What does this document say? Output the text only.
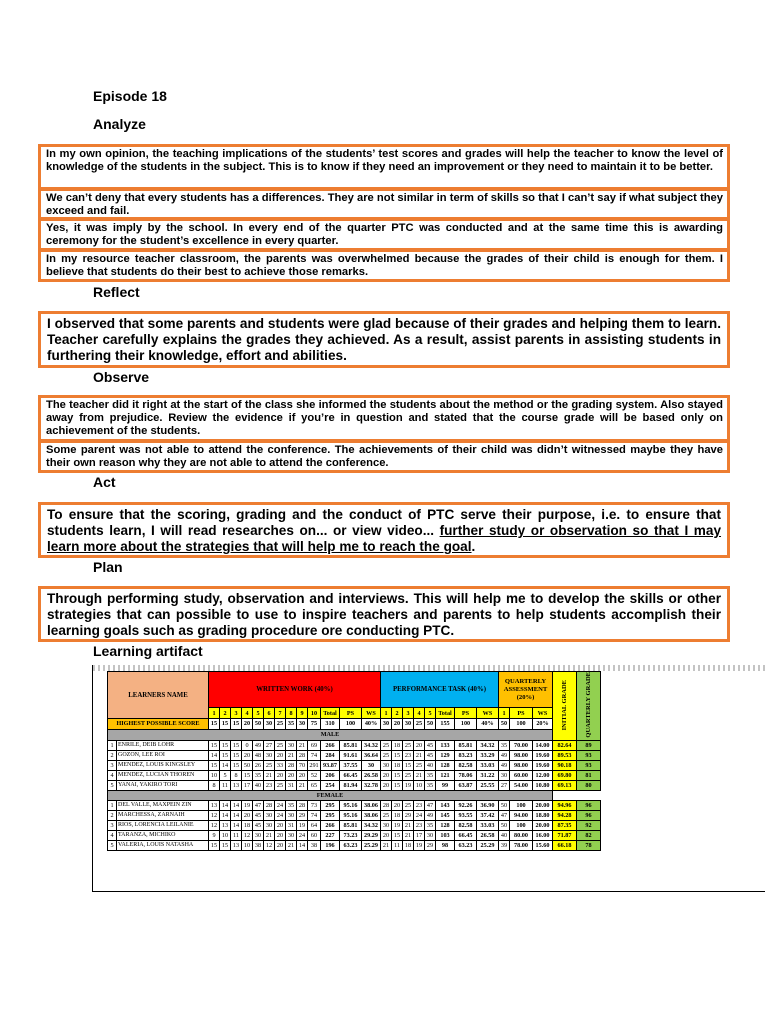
Episode 18
Analyze

In my own opinion, the teaching implications of the students’ test scores and grades will help the teacher to know the level of knowledge of the students in the subject. This is to know if they need an improvement or they need to maintain it to be better.

We can’t deny that every students has a differences. They are not similar in term of skills so that I can’t say if what subject they exceed and fail.

Yes, it was imply by the school. In every end of the quarter PTC was conducted and at the same time this is awarding ceremony for the student’s excellence in every quarter.

In my resource teacher classroom, the parents was overwhelmed because the grades of their child is enough for them. I believe that students do their best to achieve those remarks.

Reflect

I observed that some parents and students were glad because of their grades and helping them to learn. Teacher carefully explains the grades they achieved. As a result, assist parents in assisting students in furthering their knowledge, effort and abilities.

Observe

The teacher did it right at the start of the class she informed the students about the method or the grading system. Also stayed away from prejudice. Review the evidence if you’re in question and stated that the course grade will be based only on achievement of the students.

Some parent was not able to attend the conference. The achievements of their child was didn’t witnessed maybe they have their own reason why they are not able to attend the conference.

Act

To ensure that the scoring, grading and the conduct of PTC serve their purpose, i.e. to ensure that students learn, I will read researches on... or view video... further study or observation so that I may learn more about the strategies that will help me to reach the goal.

Plan

Through performing study, observation and interviews. This will help me to develop the skills or other strategies that can possible to use to inspire teachers and parents to help students accomplish their learning goals such as grading procedure ore conducting PTC.

Learning artifact
LEARNERS NAME		WRITTEN WORK (40%)													PERFORMANCE TASK (40%)								QUARTERLY ASSESSMENT (20%)			INITIAL GRADE	QUARTERLY GRADE
		1	2	3	4	5	6	7	8	9	10	Total	PS	WS	1	2	3	4	5	Total	PS	WS	1	PS	WS		
HIGHEST POSSIBLE SCORE		15	15	15	20	50	30	25	35	30	75	310	100	40%	30	20	30	25	50	155	100	40%	50	100	20%		
MALE																											
1	ENRILE, DEIB LOHR	15	15	15	0	49	27	25	30	21	69	266	85.81	34.32	25	18	25	20	45	133	85.81	34.32	35	70.00	14.00	82.64	89
2	GOZON, LEE ROI	14	15	15	20	48	30	20	21	28	74	284	91.61	36.64	25	15	23	21	45	129	83.23	33.29	49	98.00	19.60	89.53	93
3	MENDEZ, LOUIS KINGSLEY	15	14	15	50	26	25	33	28	70	291	93.87	37.55	30	30	18	15	25	40	128	82.58	33.03	49	98.00	19.60	90.18	93
4	MENDEZ, LUCIAN THOREN	10	5	8	15	35	21	20	20	20	52	206	66.45	26.58	20	15	25	21	35	121	78.06	31.22	30	60.00	12.00	69.80	81
5	YANAI, YAKIRO TORI	8	11	13	17	40	23	25	31	21	65	254	81.94	32.78	20	15	19	10	35	99	63.87	25.55	27	54.00	10.80	69.13	80
FEMALE																											
1	DEL VALLE, MAXPEIN ZIN	13	14	14	19	47	28	24	35	28	73	295	95.16	38.06	28	20	25	23	47	143	92.26	36.90	50	100	20.00	94.96	96
2	MARCHESSA, ZARNAIH	12	14	14	20	45	30	24	30	29	74	295	95.16	38.06	25	18	29	24	49	145	93.55	37.42	47	94.00	18.80	94.28	96
3	RIOS, LORENCIA LEILANIE	12	13	14	18	45	30	20	31	19	64	266	85.81	34.32	30	19	21	23	35	128	82.58	33.03	50	100	20.00	87.35	92
4	TARANZA, MICHIKO	9	10	11	12	30	21	20	30	24	60	227	73.23	29.29	20	15	21	17	30	103	66.45	26.58	40	80.00	16.00	71.87	82
5	VALERIA, LOUIS NATASHA	15	15	13	10	38	12	20	21	14	38	196	63.23	25.29	21	11	18	19	29	98	63.23	25.29	39	78.00	15.60	66.18	78
